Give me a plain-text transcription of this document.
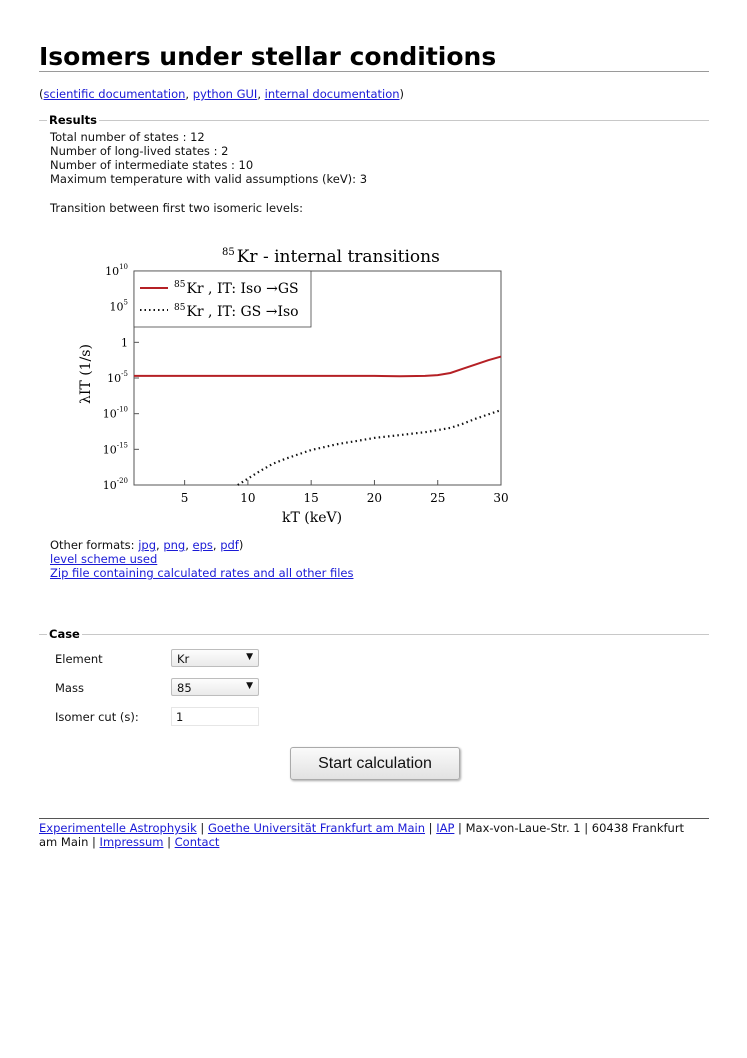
Isomers under stellar conditions
(scientific documentation, python GUI, internal documentation)
Results
Total number of states : 12
Number of long-lived states : 2
Number of intermediate states : 10
Maximum temperature with valid assumptions (keV): 3
Transition between first two isomeric levels:
$^{85}$ Kr - internal transitions
5	10	15	20	25	30
$10^{10}$
$10^5$
1
$10^{-5}$
$10^{-10}$
$10^{-15}$
$10^{-20}$
$^{85}$Kr , IT: Iso →GS
$^{85}$Kr , IT: GS →Iso
kT (keV)
λIT (1/s)
Other formats: jpg, png, eps, pdf)
level scheme used
Zip file containing calculated rates and all other files
Case
Element	Kr	▼
Mass	85	▼
Isomer cut (s):	1
Start calculation
Experimentelle Astrophysik | Goethe Universität Frankfurt am Main | IAP | Max-von-Laue-Str. 1 | 60438 Frankfurt am Main | Impressum | Contact
